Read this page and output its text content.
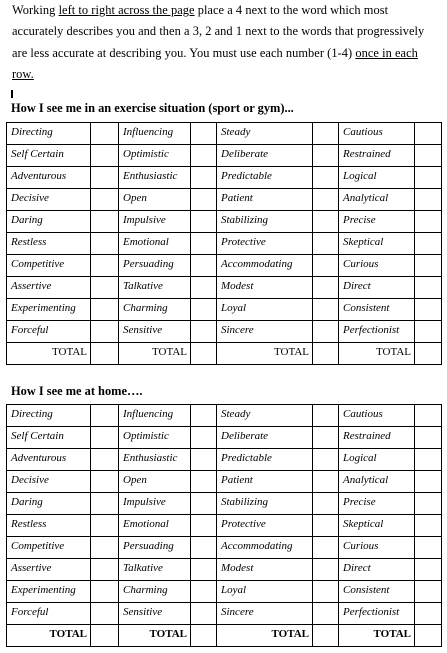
Working left to right across the page place a 4 next to the word which most accurately describes you and then a 3, 2 and 1 next to the words that progressively are less accurate at describing you. You must use each number (1-4) once in each row.
How I see me in an exercise situation (sport or gym)...
Directing		Influencing		Steady		Cautious	
Self Certain		Optimistic		Deliberate		Restrained	
Adventurous		Enthusiastic		Predictable		Logical	
Decisive		Open		Patient		Analytical	
Daring		Impulsive		Stabilizing		Precise	
Restless		Emotional		Protective		Skeptical	
Competitive		Persuading		Accommodating		Curious	
Assertive		Talkative		Modest		Direct	
Experimenting		Charming		Loyal		Consistent	
Forceful		Sensitive		Sincere		Perfectionist	
TOTAL		TOTAL		TOTAL		TOTAL	
How I see me at home….
Directing		Influencing		Steady		Cautious	
Self Certain		Optimistic		Deliberate		Restrained	
Adventurous		Enthusiastic		Predictable		Logical	
Decisive		Open		Patient		Analytical	
Daring		Impulsive		Stabilizing		Precise	
Restless		Emotional		Protective		Skeptical	
Competitive		Persuading		Accommodating		Curious	
Assertive		Talkative		Modest		Direct	
Experimenting		Charming		Loyal		Consistent	
Forceful		Sensitive		Sincere		Perfectionist	
TOTAL		TOTAL		TOTAL		TOTAL	
